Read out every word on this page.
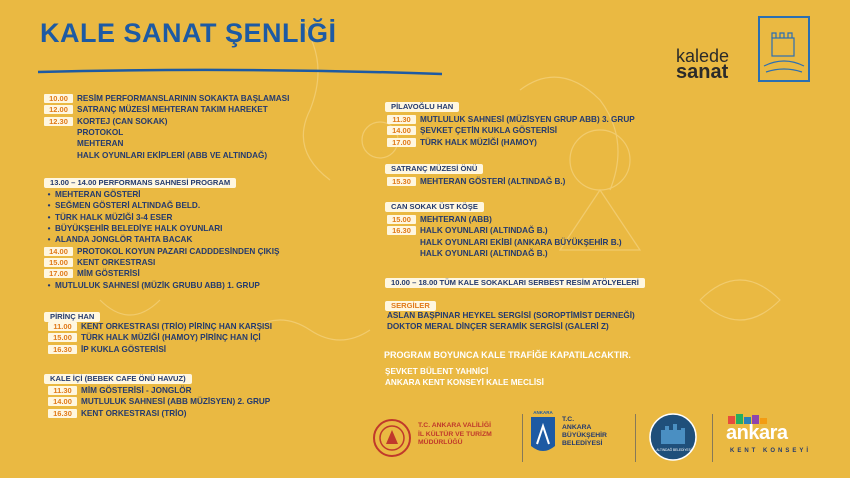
KALE SANAT ŞENLİĞİ
kalede
sanat
10.00	RESİM PERFORMANSLARININ SOKAKTA BAŞLAMASI
12.00	SATRANÇ MÜZESİ MEHTERAN TAKIM HAREKET
12.30	KORTEJ (CAN SOKAK)
PROTOKOL
MEHTERAN
HALK OYUNLARI EKİPLERİ (ABB VE ALTINDAĞ)
13.00 – 14.00 PERFORMANS SAHNESİ PROGRAM
• MEHTERAN GÖSTERİ
• SEĞMEN GÖSTERİ ALTINDAĞ BELD.
• TÜRK HALK MÜZİĞİ 3-4 ESER
• BÜYÜKŞEHİR BELEDİYE HALK OYUNLARI
• ALANDA JONGLÖR TAHTA BACAK
14.00	PROTOKOL KOYUN PAZARI CADDDESİNDEN ÇIKIŞ
15.00	KENT ORKESTRASI
17.00	MİM GÖSTERİSİ
• MUTLULUK SAHNESİ (MÜZİK GRUBU ABB) 1. GRUP
PİRİNÇ HAN
11.00	KENT ORKESTRASI (TRİO) PİRİNÇ HAN KARŞISI
15.00	TÜRK HALK MÜZİĞİ (HAMOY) PİRİNÇ HAN İÇİ
16.30	İP KUKLA GÖSTERİSİ
KALE İÇİ (BEBEK CAFE ÖNÜ HAVUZ)
11.30	MİM GÖSTERİSİ - JONGLÖR
14.00	MUTLULUK SAHNESİ (ABB MÜZİSYEN) 2. GRUP
16.30	KENT ORKESTRASI (TRİO)
PİLAVOĞLU HAN
11.30	MUTLULUK SAHNESİ (MÜZİSYEN GRUP ABB) 3. GRUP
14.00	ŞEVKET ÇETİN KUKLA GÖSTERİSİ
17.00	TÜRK HALK MÜZİĞİ (HAMOY)
SATRANÇ MÜZESİ ÖNÜ
15.30	MEHTERAN GÖSTERİ (ALTINDAĞ B.)
CAN SOKAK ÜST KÖŞE
15.00	MEHTERAN (ABB)
16.30	HALK OYUNLARI (ALTINDAĞ B.)
HALK OYUNLARI EKİBİ (ANKARA BÜYÜKŞEHİR B.)
HALK OYUNLARI (ALTINDAĞ B.)
10.00 – 18.00 TÜM KALE SOKAKLARI SERBEST RESİM ATÖLYELERİ
SERGİLER
ASLAN BAŞPINAR HEYKEL SERGİSİ (SOROPTİMİST DERNEĞİ)
DOKTOR MERAL DİNÇER SERAMİK SERGİSİ (GALERİ Z)
PROGRAM BOYUNCA KALE TRAFİĞE KAPATILACAKTIR.
ŞEVKET BÜLENT YAHNİCİ
ANKARA KENT KONSEYİ KALE MECLİSİ
T.C. ANKARA VALİLİĞİ
İL KÜLTÜR VE TURİZM
MÜDÜRLÜĞÜ
ANKARA
T.C.
ANKARA
BÜYÜKŞEHİR
BELEDİYESİ
ALTINDAĞ BELEDİYESİ
ankara
KENT KONSEYİ
